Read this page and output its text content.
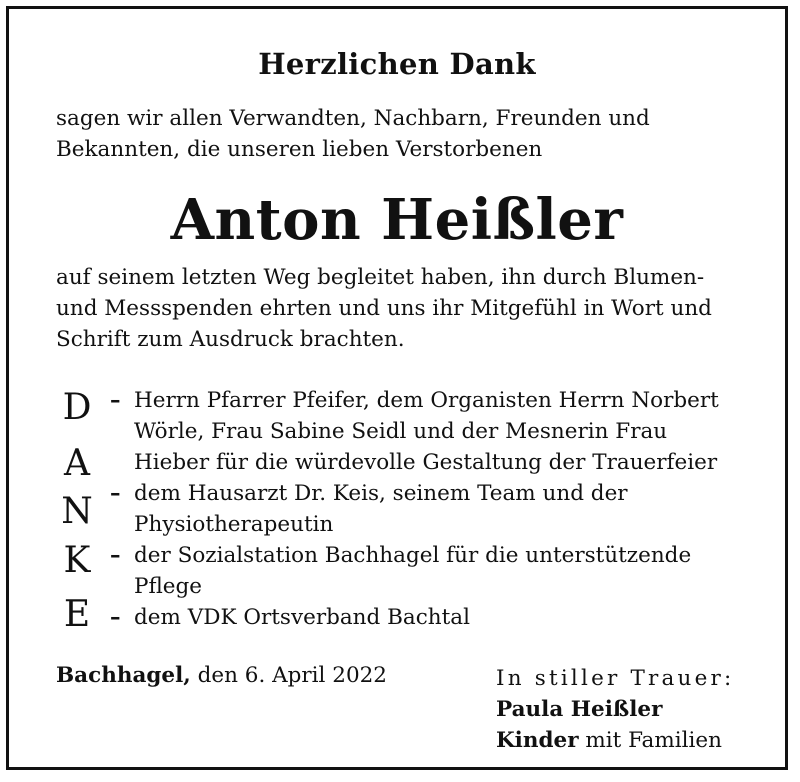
Herzlichen Dank
sagen wir allen Verwandten, Nachbarn, Freunden und
Bekannten, die unseren lieben Verstorbenen
Anton Heißler
auf seinem letzten Weg begleitet haben, ihn durch Blumen-
und Messspenden ehrten und uns ihr Mitgefühl in Wort und
Schrift zum Ausdruck brachten.
D
A
N
K
E
–
–
–
–
Herrn Pfarrer Pfeifer, dem Organisten Herrn Norbert
Wörle, Frau Sabine Seidl und der Mesnerin Frau
Hieber für die würdevolle Gestaltung der Trauerfeier
dem Hausarzt Dr. Keis, seinem Team und der
Physiotherapeutin
der Sozialstation Bachhagel für die unterstützende
Pflege
dem VDK Ortsverband Bachtal
Bachhagel, den 6. April 2022	In stiller Trauer:
Paula Heißler
Kinder mit Familien
